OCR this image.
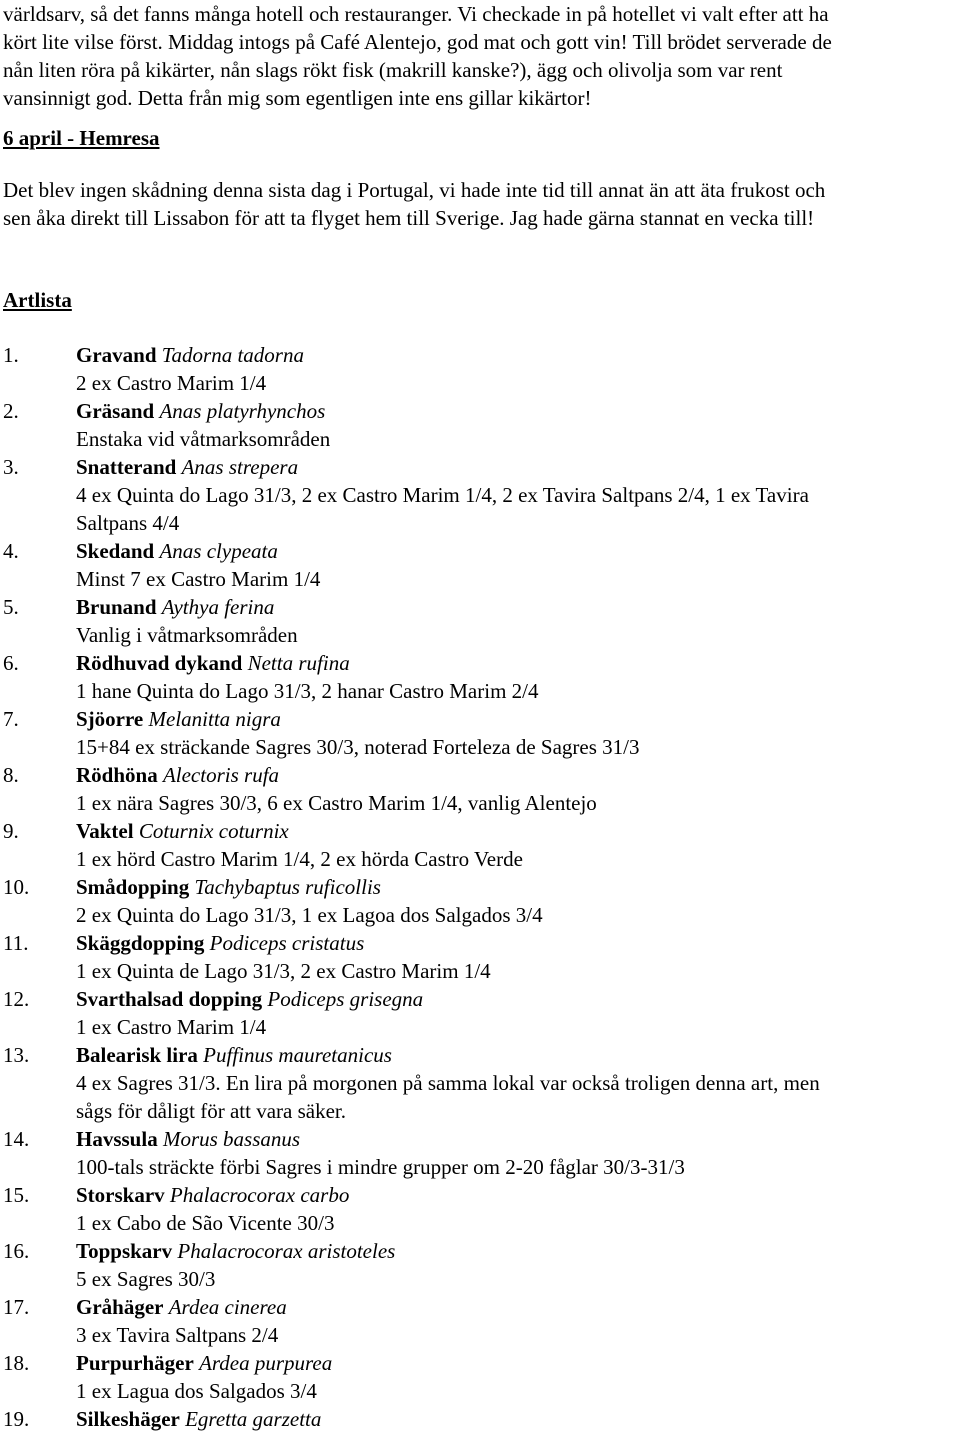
världsarv, så det fanns många hotell och restauranger. Vi checkade in på hotellet vi valt efter att ha
kört lite vilse först. Middag intogs på Café Alentejo, god mat och gott vin! Till brödet serverade de
nån liten röra på kikärter, nån slags rökt fisk (makrill kanske?), ägg och olivolja som var rent
vansinnigt god. Detta från mig som egentligen inte ens gillar kikärtor!
6 april - Hemresa
Det blev ingen skådning denna sista dag i Portugal, vi hade inte tid till annat än att äta frukost och
sen åka direkt till Lissabon för att ta flyget hem till Sverige. Jag hade gärna stannat en vecka till!
Artlista
1.	Gravand Tadorna tadorna
2 ex Castro Marim 1/4
2.	Gräsand Anas platyrhynchos
Enstaka vid våtmarksområden
3.	Snatterand Anas strepera
4 ex Quinta do Lago 31/3, 2 ex Castro Marim 1/4, 2 ex Tavira Saltpans 2/4, 1 ex Tavira
Saltpans 4/4
4.	Skedand Anas clypeata
Minst 7 ex Castro Marim 1/4
5.	Brunand Aythya ferina
Vanlig i våtmarksområden
6.	Rödhuvad dykand Netta rufina
1 hane Quinta do Lago 31/3, 2 hanar Castro Marim 2/4
7.	Sjöorre Melanitta nigra
15+84 ex sträckande Sagres 30/3, noterad Forteleza de Sagres 31/3
8.	Rödhöna Alectoris rufa
1 ex nära Sagres 30/3, 6 ex Castro Marim 1/4, vanlig Alentejo
9.	Vaktel Coturnix coturnix
1 ex hörd Castro Marim 1/4, 2 ex hörda Castro Verde
10.	Smådopping Tachybaptus ruficollis
2 ex Quinta do Lago 31/3, 1 ex Lagoa dos Salgados 3/4
11.	Skäggdopping Podiceps cristatus
1 ex Quinta de Lago 31/3, 2 ex Castro Marim 1/4
12.	Svarthalsad dopping Podiceps grisegna
1 ex Castro Marim 1/4
13.	Balearisk lira Puffinus mauretanicus
4 ex Sagres 31/3. En lira på morgonen på samma lokal var också troligen denna art, men
sågs för dåligt för att vara säker.
14.	Havssula Morus bassanus
100-tals sträckte förbi Sagres i mindre grupper om 2-20 fåglar 30/3-31/3
15.	Storskarv Phalacrocorax carbo
1 ex Cabo de São Vicente 30/3
16.	Toppskarv Phalacrocorax aristoteles
5 ex Sagres 30/3
17.	Gråhäger Ardea cinerea
3 ex Tavira Saltpans 2/4
18.	Purpurhäger Ardea purpurea
1 ex Lagua dos Salgados 3/4
19.	Silkeshäger Egretta garzetta
